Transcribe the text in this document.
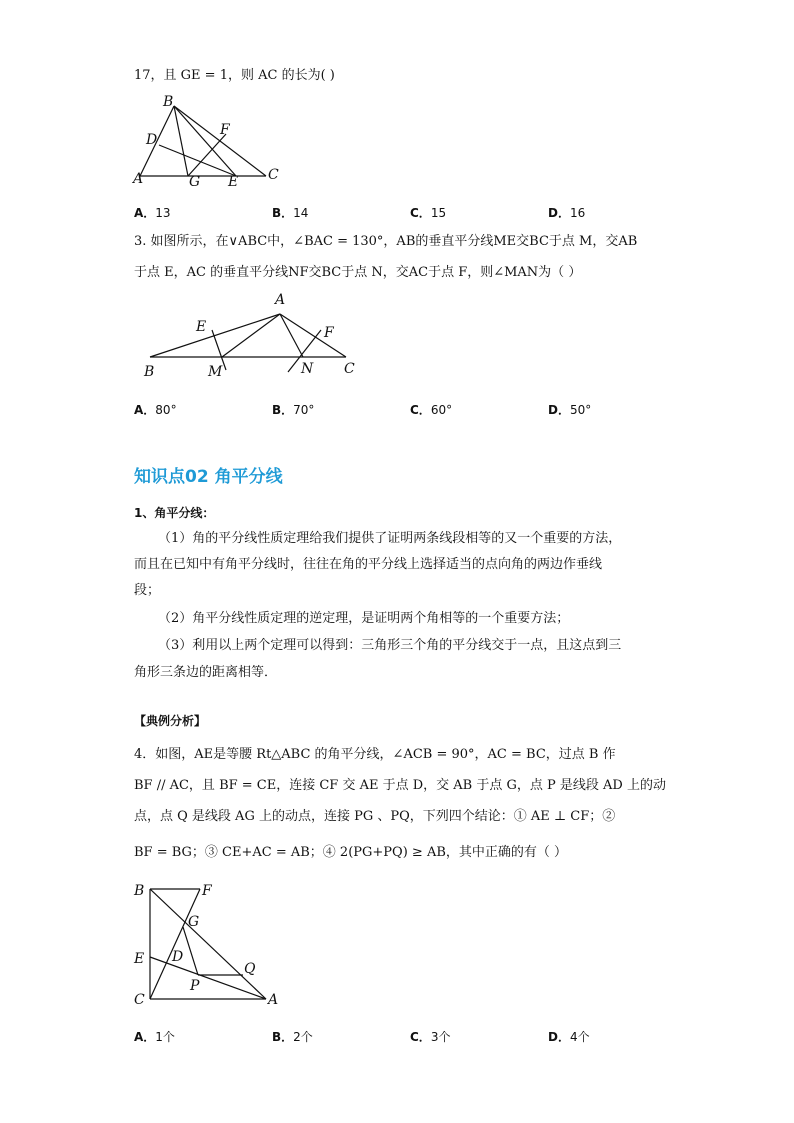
17，且 GE = 1，则 AC 的长为( )
B
D
F
A	G E C
A．13	B．14	C．15	D．16
3. 如图所示，在∨ABC中，∠BAC = 130°，AB的垂直平分线ME交BC于点 M，交AB
于点 E，AC 的垂直平分线NF交BC于点 N，交AC于点 F，则∠MAN为（ ）
A
E	F
B	M	N C
A．80°	B．70°	C．60°	D．50°
知识点02 角平分线
1、角平分线：
（1）角的平分线性质定理给我们提供了证明两条线段相等的又一个重要的方法，
而且在已知中有角平分线时，往往在角的平分线上选择适当的点向角的两边作垂线
段；
（2）角平分线性质定理的逆定理，是证明两个角相等的一个重要方法；
（3）利用以上两个定理可以得到：三角形三个角的平分线交于一点，且这点到三
角形三条边的距离相等．
【典例分析】
4．如图，AE是等腰 Rt△ABC 的角平分线，∠ACB = 90°，AC = BC，过点 B 作
BF // AC，且 BF = CE，连接 CF 交 AE 于点 D，交 AB 于点 G，点 P 是线段 AD 上的动
点，点 Q 是线段 AG 上的动点，连接 PG 、PQ，下列四个结论：① AE ⊥ CF；②
BF = BG；③ CE+AC = AB；④ 2(PG+PQ) ≥ AB，其中正确的有（ ）
B	F
G
E D
Q
P
C	A
A．1个	B．2个	C．3个	D．4个
